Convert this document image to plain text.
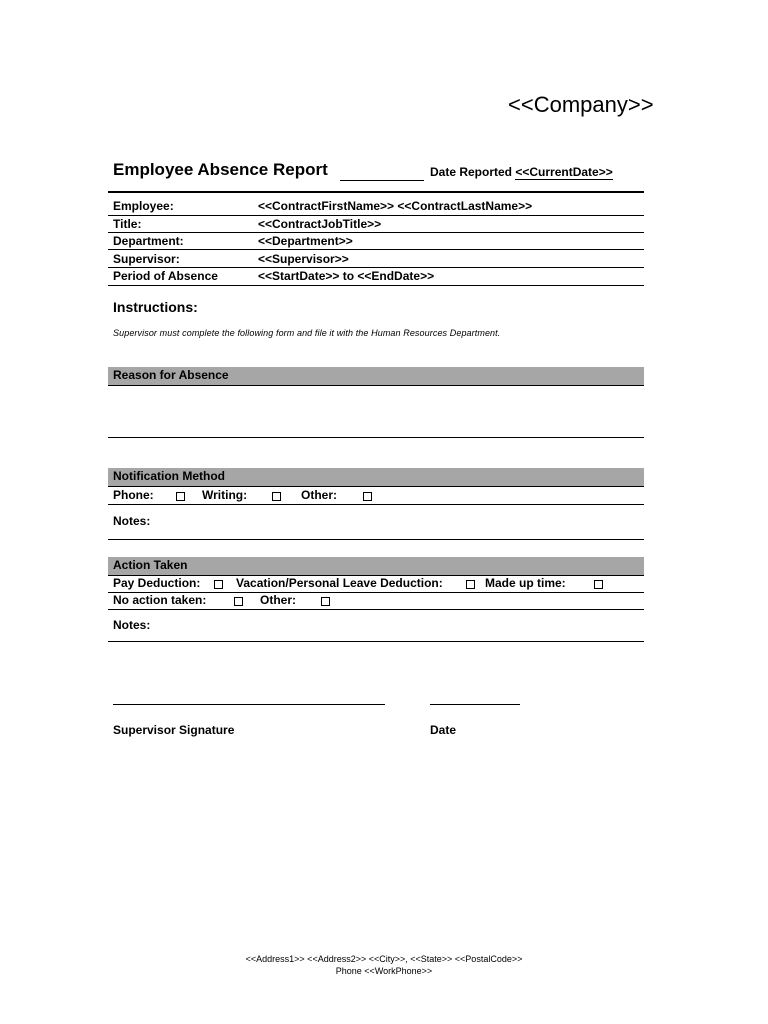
<<Company>>
Employee Absence Report	Date Reported <<CurrentDate>>
Employee:	<<ContractFirstName>> <<ContractLastName>>
Title:	<<ContractJobTitle>>
Department:	<<Department>>
Supervisor:	<<Supervisor>>
Period of Absence	<<StartDate>> to <<EndDate>>
Instructions:
Supervisor must complete the following form and file it with the Human Resources Department.
Reason for Absence
Notification Method
Phone:	Writing:	Other:
Notes:
Action Taken
Pay Deduction:	Vacation/Personal Leave Deduction:	Made up time:
No action taken:	Other:
Notes:
Supervisor Signature	Date
<<Address1>> <<Address2>> <<City>>, <<State>> <<PostalCode>>
Phone <<WorkPhone>>
